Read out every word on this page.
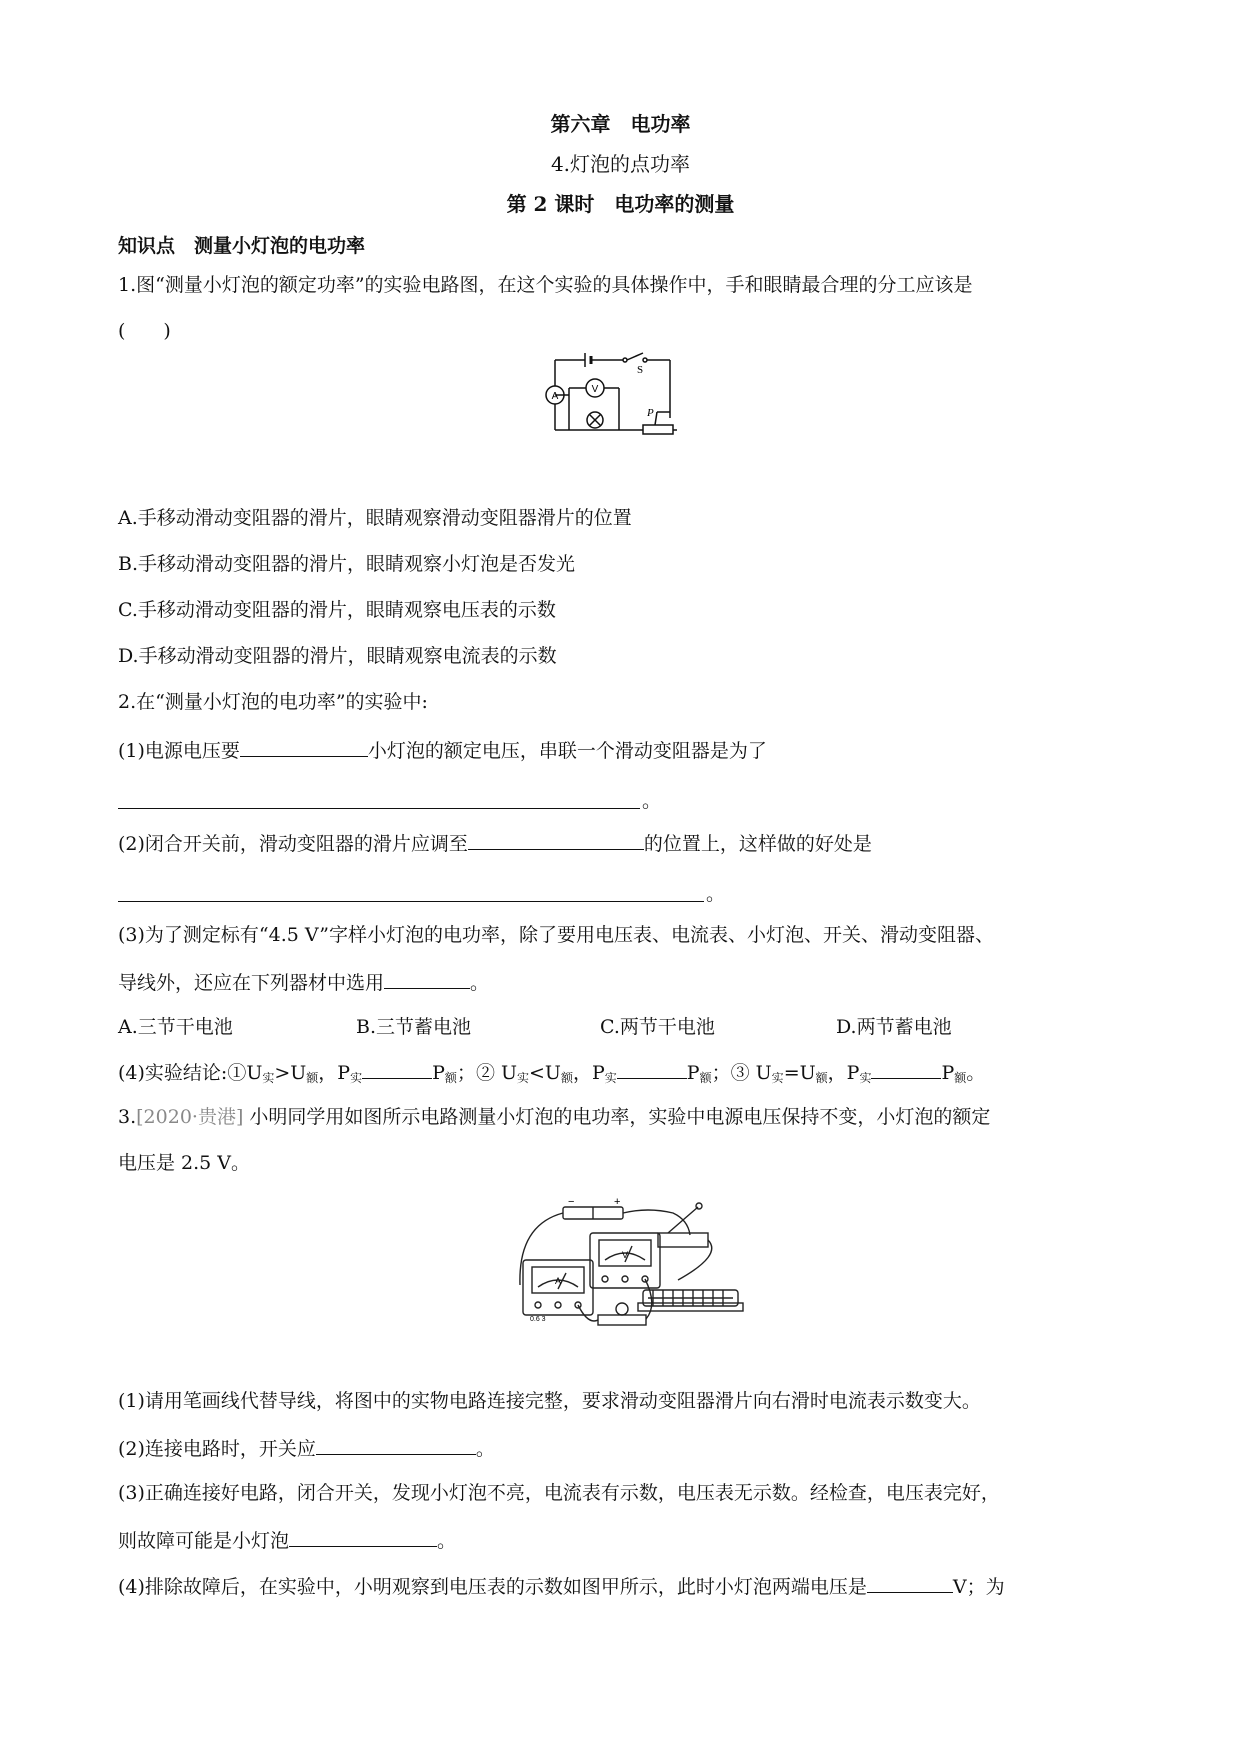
第六章　电功率
4.灯泡的点功率
第 2 课时　电功率的测量
知识点　测量小灯泡的电功率
1.图“测量小灯泡的额定功率”的实验电路图，在这个实验的具体操作中，手和眼睛最合理的分工应该是
(　　)
A
V
S
P
A.手移动滑动变阻器的滑片，眼睛观察滑动变阻器滑片的位置
B.手移动滑动变阻器的滑片，眼睛观察小灯泡是否发光
C.手移动滑动变阻器的滑片，眼睛观察电压表的示数
D.手移动滑动变阻器的滑片，眼睛观察电流表的示数
2.在“测量小灯泡的电功率”的实验中:
(1)电源电压要	小灯泡的额定电压，串联一个滑动变阻器是为了
。
(2)闭合开关前，滑动变阻器的滑片应调至	的位置上，这样做的好处是
。
(3)为了测定标有“4.5 V”字样小灯泡的电功率，除了要用电压表、电流表、小灯泡、开关、滑动变阻器、
导线外，还应在下列器材中选用	。
A.三节干电池	B.三节蓄电池	C.两节干电池	D.两节蓄电池
(4)实验结论$:①U_实>U_额$，$P_实$	$P_额$；② $U_实<U_额$，$P_实$	$P_额$；③ $U_实=U_额$，$P_实$	$P_额$。
3.[2020·贵港] 小明同学用如图所示电路测量小灯泡的电功率，实验中电源电压保持不变，小灯泡的额定
电压是 2.5 V。
−	+
A
V
0.6 3
(1)请用笔画线代替导线，将图中的实物电路连接完整，要求滑动变阻器滑片向右滑时电流表示数变大。
(2)连接电路时，开关应	。
(3)正确连接好电路，闭合开关，发现小灯泡不亮，电流表有示数，电压表无示数。经检查，电压表完好，
则故障可能是小灯泡	。
(4)排除故障后，在实验中，小明观察到电压表的示数如图甲所示，此时小灯泡两端电压是	V；为
